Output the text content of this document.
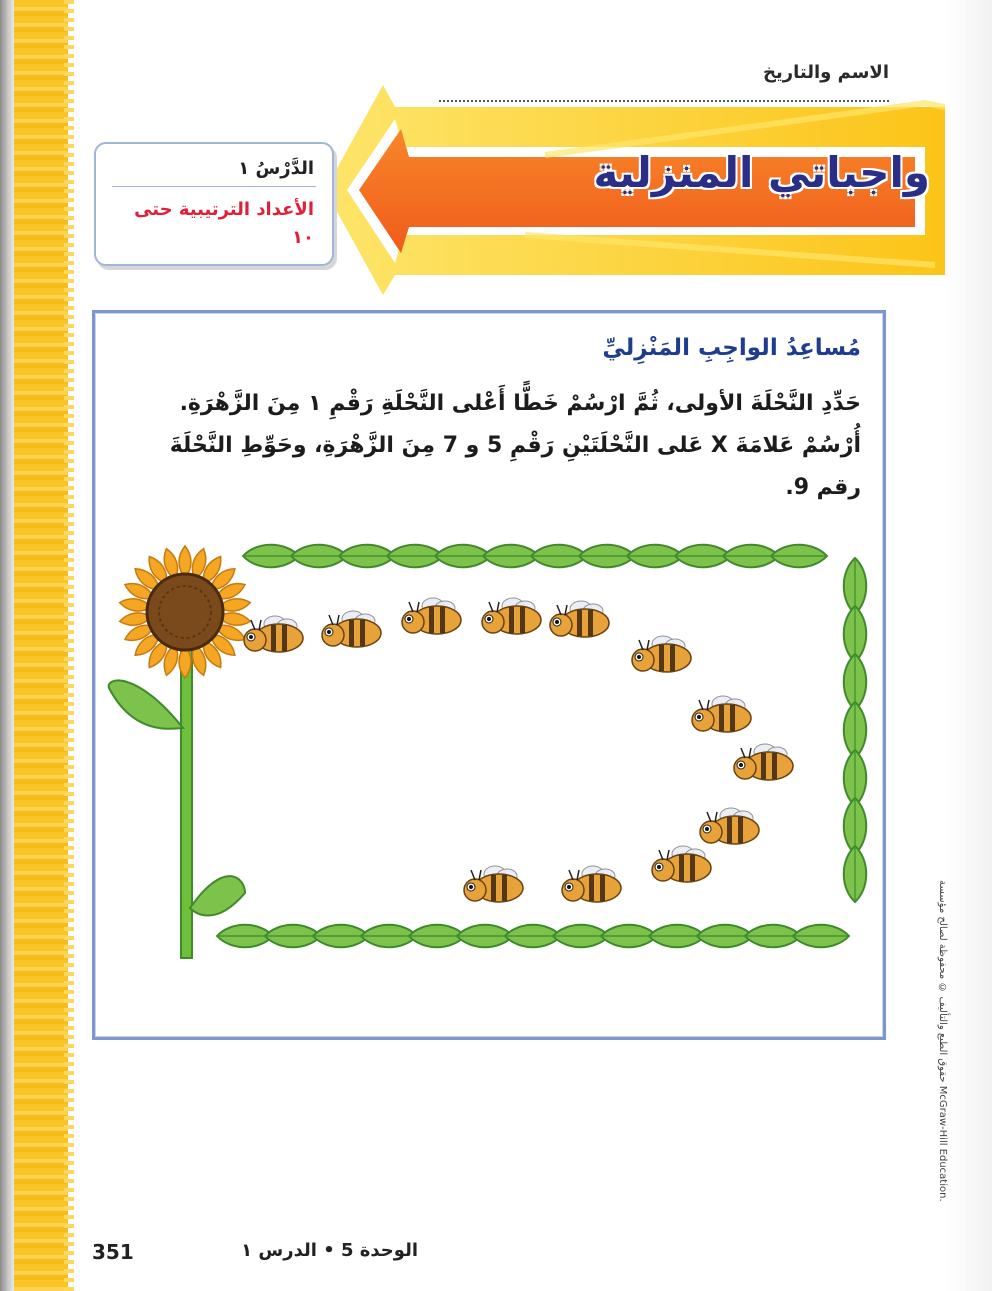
الاسم والتاريخ
واجباتي المنزلية
الدَّرْسُ ١
الأعداد الترتيبية حتى ١٠
مُساعِدُ الواجِبِ المَنْزِليِّ
حَدِّدِ النَّحْلَةَ الأولى، ثُمَّ ارْسُمْ خَطًّا أَعْلى النَّحْلَةِ رَقْمِ ١ مِنَ الزَّهْرَةِ. أُرْسُمْ عَلامَةَ X عَلى النَّحْلَتَيْنِ رَقْمِ 5 و 7 مِنَ الزَّهْرَةِ، وحَوِّطِ النَّحْلَةَ رقم 9.
351	الوحدة 5 • الدرس ١
حقوق الطبع والتأليف © محفوظة لصالح مؤسسة McGraw-Hill Education.
